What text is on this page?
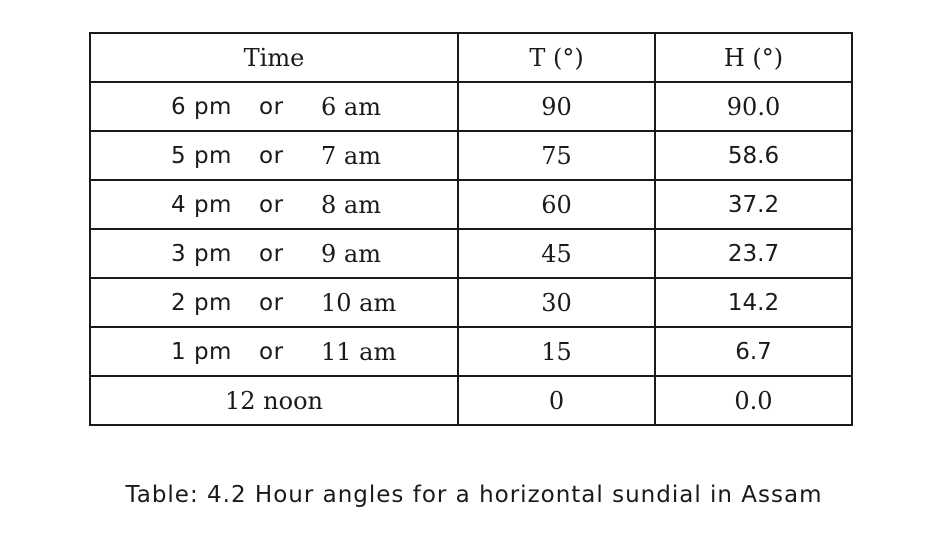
Time	T (°)	H (°)

6 pm or 6 am	90	90.0

5 pm or 7 am	75	58.6

4 pm or 8 am	60	37.2

3 pm or 9 am	45	23.7

2 pm or 10 am	30	14.2

1 pm or 11 am	15	6.7
12 noon	0	0.0
Table: 4.2 Hour angles for a horizontal sundial in Assam
